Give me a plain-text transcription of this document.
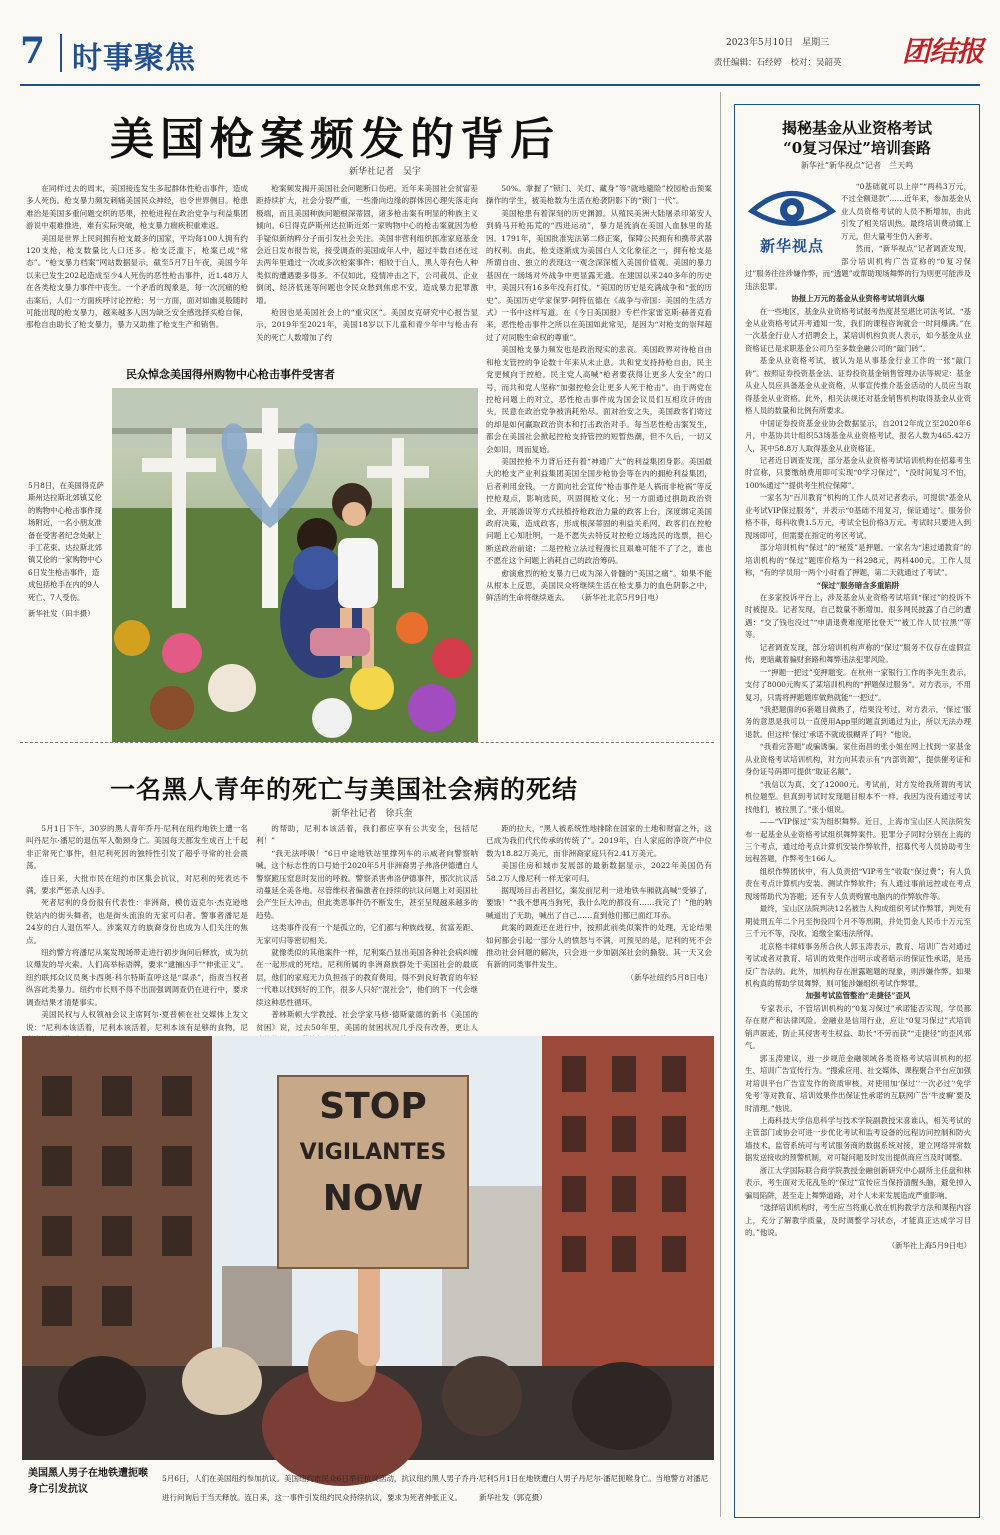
7 时事聚焦	2023年5月10日　星期三
责任编辑：石经婷　校对：吴韶英 团结报
美国枪案频发的背后
新华社记者　吴宇

在同样过去的周末，美国接连发生多起群体性枪击事件，造成多人死伤。枪支暴力频发刺痛美国民众神经，也令世界侧目。枪患难治是美国多重问题交织的恶果，控枪进程在政治党争与利益集团游说中艰难推进，难有实际突破，枪支暴力痼疾积重难返。

美国是世界上民间拥有枪支最多的国家，平均每100人拥有约120支枪，枪支数量比人口还多。枪支泛滥下，枪案已成“常态”。“枪支暴力档案”网站数据显示，截至5月7日午夜，美国今年以来已发生202起造成至少4人死伤的恶性枪击事件，近1.48万人在各类枪支暴力事件中丧生。一个矛盾的现象是，每一次沉痛的枪击案后，人们一方面疾呼讨论控枪；另一方面，面对如幽灵般随时可能出现的枪支暴力，越来越多人因为缺乏安全感选择买枪自保，那枪自由助长了枪支暴力，暴力又助推了枪支生产和销售。

枪案频发揭开美国社会问题断口伤疤。近年来美国社会贫富差距持续扩大，社会分裂严重，一些滑向边缘的群体因心理失落走向极端，而且美国种族问题根深蒂固，诸多枪击案有明显的种族主义倾向。6日得克萨斯州达拉斯近郊一家购物中心的枪击案就因为枪手疑似新纳粹分子而引发社会关注。美国非营利组织抓准家庭基金会近日发布报告说，接受调查的美国成年人中，超过半数自述在过去两年里通过一次或多次枪案事件；相较于白人，黑人等有色人种类似的遭遇要多得多。不仅如此，疫情冲击之下，公司裁员、企业倒闭、经济低迷等问题也令民众愁到焦虑不安，造成暴力犯罪激增。

枪因也是美国社会上的“重灾区”。美国皮克研究中心报告显示，2019年至2021年，美国18岁以下儿童和青少年中与枪击有关的死亡人数增加了约

50%。掌握了“锁门、关灯、藏身”等“就地避险”校园枪击预案操作的学生，被美枪数为生活在枪袭阴影下的“锁门一代”。

美国枪患有着深刻的历史渊源。从殖民美洲大陆屠杀印第安人到骑马开枪拓荒的“西进运动”，暴力是流淌在美国人血脉里的基因。1791年，美国批准宪法第二修正案，保障公民拥有和携带武器的权利。由此，枪支逐渐成为美国白人文化象征之一，拥有枪支是所谓自由、独立的表现这一观念深深植入美国价值观。美国的暴力基因在一场场对外战争中更显露无遗。在建国以来240多年的历史中，美国只有16多年没有打仗。“美国的历史是充满战争和“张的历史”。美国历史学家保罗·阿特伍德在《战争与帝国：美国的生活方式》一书中这样写道。在《今日美国报》专栏作家雷克斯·赫普克看来，恶性枪击事件之所以在美国如此常见，是因为“对枪支的崇拜超过了对同胞生命权的尊重”。

美国枪支暴力频发也是政治现实的悲哀。美国政界对待枪自由和枪支管控的争论数十年来从未止息。共和党支持持枪自由，民主党更倾向于控枪。民主党人高喊“枪者要获得让更多人安全”的口号，而共和党人坚称“加强控枪会让更多人死于枪击”。由于两党在控枪问题上的对立，恶性枪击事件成为国会议员们互相攻讦的由头，民意在政治党争被消耗殆尽。面对治安之失，美国政客们寄过的却是如何赢取政治资本和打击政治对手。每当恶性枪击案发生，都会在美国社会掀起控枪支持管控的短暂热潮，但不久后，一切又会如旧，周而复始。

美国控枪不力背后还有着“神通广大”的利益集团身影。美国最大的枪支产业利益集团美国全国步枪协会等在内的拥枪利益集团，后者利用金钱，一方面向社会宣传“枪击事件是人祸而非枪祸”等反控枪观点，影响选民，巩固拥枪文化；另一方面通过捐助政治资金、开展游说等方式扶植持枪政治力量的政客上台，深度绑定美国政府决策，造成政客，形成根深蒂固的利益关系网。政客们在控枪问题上心知肚明，一是不愿失去特反对控枪立场选民的选票，担心断送政治前途；二是控枪立法过程漫长且艰难可能不了了之，谁也不愿在这个问题上消耗自己的政治筹码。

愈演愈烈的枪支暴力已成为深入骨髓的“美国之痛”。如果不能从根本上反思，美国民众将继续生活在枪支暴力的血色阴影之中，鲜活的生命将继续逝去。　　（新华社北京5月9日电）

民众悼念美国得州购物中心枪击事件受害者
5月8日，在美国得克萨斯州达拉斯北郊镇艾伦的购物中心枪击事件现场附近，一名小朋友准备在受害者纪念处献上手工花束。达拉斯北郊镇艾伦的一家购物中心6日发生枪击事件，造成包括枪手在内的9人死亡、7人受伤。
新华社发（田丰摄）
一名黑人青年的死亡与美国社会病的死结
新华社记者　徐兵奎

5月1日下午，30岁的黑人青年乔丹·尼利在纽约地铁上遭一名叫丹尼尔·潘尼的退伍军人勒颈身亡。美国每天都发生成百上千起非正常死亡事件，但尼利死因的独特性引发了超乎寻常的社会震荡。

连日来，大批市民在纽约市区集会抗议，对尼利的死表达不满，要求严惩杀人凶手。

死者尼利的身份很有代表性：非洲裔，模仿迈克尔·杰克逊地铁站内的街头舞者，也是街头流浪的无家可归者。警事者潘尼是24岁的白人退伍军人。涉案双方的族裔身份也成为人们关注的焦点。

纽约警方将潘尼从案发现场带走进行初步询问后释放，成为抗议爆发的导火索。人们高举标语牌，要求“逮捕凶手”“伸张正义”。纽约联邦众议员奥卡西奥-科尔特斯直呼这是“谋杀”，指责当权者纵容此类暴力。纽约市长则不得不出面强调调查仍在进行中，要求调查结果才清楚事实。

美国民权与人权领袖会议主席阿尔·夏普顿在社交媒体上发文说：“尼利本该活着，尼利本该活着，尼利本该有足够的食物，尼

的帮助，尼利本该活着，我们都应享有公共安全，包括尼利！”

“我无法呼吸！”6日中途地铁站里撑列车的示威者向警察呐喊。这个标志性的口号始于2020年5月非洲裔男子弗洛伊德遭白人警察跪压窒息时发出的呼救。警察杀害弗洛伊德事件，那次抗议活动蔓延全美各地。尽管维权者偏激者在持续的抗议问题上对美国社会产生巨大冲击，但此类恶事件仍不断发生，甚至呈现越来越多的趋势。

这类事件没有一个是孤立的，它们都与种族歧视、贫富差距、无家可归等密切相关。

就像类似的其他案件一样，尼利案凸显出美国各种社会病纠缠在一起形成的死结。尼利所属的非洲裔族群处于美国社会的最底层，他们的家庭无力负担孩子的教育费用，得不到良好教育的年轻一代难以找到好的工作，很多人只好“混社会”，他们的下一代会继续这种恶性循环。

普林斯顿大学教授、社会学家马修·德斯蒙德的新书《美国的贫困》说，过去50年里，美国的贫困状况几乎没有改善，更让人

距的拉大，“黑人被系统性地排除在国家的土地和财富之外，这已成为我们代代传承的传统了”。2019年，白人家庭的净资产中位数为18.82万美元，而非洲裔家庭只有2.41万美元。

美国住房和城市发展部的最新数据显示，2022年美国仍有58.2万人像尼利一样无家可归。

据现场目击者回忆，案发前尼利一进地铁车厢就高喊“受够了，要饿！”“我不想再当狗死，我什么吃的都没有……我完了！”他的呐喊道出了无助，喊出了自己……直到他们都已面红耳赤。

此案的调查还在进行中，按照此前类似案件的处理，无论结果如何都会引起一部分人的愤怒与不满，可预见的是，尼利的死不会推动社会问题的解决，只会进一步加剧深社会的撕裂。其一天又会有新的同类事件发生。

（新华社纽约5月8日电）

STOP
VIGILANTES
NOW
美国黑人男子在地铁遭扼喉身亡引发抗议
5月6日，人们在美国纽约参加抗议。美国纽约市民众6日举行抗议活动，抗议纽约黑人男子乔丹·尼利5月1日在地铁遭白人男子丹尼尔·潘尼扼喉身亡。当地警方对潘尼进行问询后于当天释放。连日来，这一事件引发纽约民众持续抗议，要求为死者伸张正义。 新华社发（郭克摄）
揭秘基金从业资格考试
“0复习保过”培训套路
新华社“新华视点”记者　兰天鸣
新华视点

“0基础就可以上岸”“两科3万元，不过全额退款”……近年来，参加基金从业人员资格考试的人员不断增加，由此引发了相关培训热。最终培训费动辄上万元，但大量考生仍入套考。

然而，“新华视点”记者调查发现，部分培训机构广告宣称的“0复习保过”服务往往涉嫌作弊，而“透题”或帮助现场舞弊的行为则更可能涉及违法犯罪。

协报上万元的基金从业资格考试培训火爆

在一些地区，基金从业资格考试报考热度甚至堪比司法考试。“基金从业资格考试开考通知一发，我们的课程咨询就会一时间爆满。”在一次基金行业人才招聘会上，某培训机构负责人表示，如今基金从业资格证已是求职基金公司乃至多数金融公司的“敲门砖”。

基金从业资格考试，被认为是从事基金行业工作的一张“敲门砖”。按照证券投资基金法、证券投资基金销售管理办法等规定：基金从业人员应具备基金从业资格，从事宣传推介基金活动的人员应当取得基金从业资格。此外，相关法规还对基金销售机构取得基金从业资格人员的数量和比例有所要求。

中国证券投资基金业协会数据显示，自2012年成立至2020年6月，中基协共计组织53场基金从业资格考试，报名人数为465.42万人，其中58.8万人取得基金从业资格证。

记者近日调查发现，部分基金从业资格考试培训机构在招募考生时宣称，只要缴纳费用即可实现“0学习保过”，“没时间复习不怕，100%通过”“提供考生机位保障”。

一家名为“百川教育”机构的工作人员对记者表示，可提供“基金从业考试VIP保过服务”，并表示“0基础不用复习，保证通过”。服务价格不菲，每科收费1.5万元，考试全包价格3万元。考试时只要进入到现场即可，但需要在指定的考区考试。

部分培训机构“保过”的“秘笈”是押题。一家名为“速过通教育”的培训机构的“保过”题库价格为一科298元，两科400元。工作人员称，“有的学员用一两个小时看了押题，第二天就通过了考试”。

“保过”服务暗含多重陷阱

在多家投诉平台上，涉及基金从业资格考试培训“保过”的投诉不时被提及。记者发现，自己数量不断增加。很多网民披露了自己的遭遇：“交了钱也没过”“申请退费难度堪比登天”“被工作人员‘拉黑’”等等。

记者调查发现，部分培训机构声称的“保过”服务不仅存在虚假宣传，更暗藏着骗财套路和舞弊违法犯罪风险。

一“押题一把过”变押题变。在杭州一家银行工作的李先生表示，支付了8000元购买了某培训机构的“押题保过服务”。对方表示，不用复习，只需将押题题库做熟就能“一把过”。

“我把题面的6套题目做熟了，结果没考过。对方表示，‘保过’服务的意思是我可以一直使用App里的题直到通过为止，所以无法办理退款。但这样‘保过’承诺不就成很糊弄了吗？”他说。

“我看完答题”或骗诱骗。家住南昌的张小姐在网上找到一家基金从业资格考试培训机构，对方向其表示有“内部资源”，提供催考证和身份证号码即可提供“取证名额”。

“我信以为真，交了12000元。考试前，对方发给我所谓的考试机位题型。但真到考试时发现题目根本不一样。我因为没有通过考试找他们，被拉黑了。”张小姐说。

——“VIP保过”实为组织舞弊。近日，上海市宝山区人民法院发布一起基金从业资格考试组织舞弊案件。犯罪分子同时分别在上海的三个考点，通过给考点计算机安装作弊软件，招募代考人员协助考生远程答题，作弊考生166人。

组织作弊团伙中，有人负责招“VIP考生”收取“保过费”；有人负责在考点计算机内安装、测试作弊软件；有人通过事前远控或在考点现场帮助代为答题；还有专人负责购置电脑内的作弊软件等。

最终，宝山区法院判决12名被告人构成组织考试作弊罪，判处有期徒刑五年二个月至拘役四个月不等刑期，并处罚金人民币十万元至三千元不等，没收、追缴全案违法所得。

北京格丰律师事务所合伙人郭玉涛表示，教育、培训广告对通过考试或者对教育、培训的效果作出明示或者暗示的保证性承诺，是违反广告法的。此外，加机构存在泄露题题的现象，则涉嫌作弊。如果机构真的帮助学员舞弊，则可能涉嫌组织考试作弊罪。

加强考试监管整治“走捷径”歪风

专家表示，不管培训机构的“0复习保过”承诺能否实现，学员都存在财产和法律风险。金融业是信用行业，应让“0复习保过”式培训销声匿迹，防止其侵害考生权益、助长“不劳而获”“走捷径”的歪风邪气。

郭玉涛建议，进一步规范金融领域各类资格考试培训机构的招生、培训广告宣传行为。“搜索应用、社交媒体、课程聚合平台应加强对培训平台广告宣发作的资质审核。对使用加‘保过’‘一次必过’‘免学免考’等对教育、培训效果作出保证性承诺的互联网广告‘牛皮癣’要及时清理。”他说。

上海科技大学信息科学与技术学院副教授宋喜谁认，相关考试的主管部门或协会可进一步优化考试和监考设备的远程访问控制和防火墙技术。监管系统可与考试服务商的数据系统对接，建立网络异常数据发送接收的预警机制，对可疑问题及时发出提供商应当及时调整。

浙江大学国际联合商学院教授金融创新研究中心副所主任盘和林表示，考生面对天花乱坠的“保过”宣传应当保持清醒头脑，避免掉入骗局陷阱，甚至走上舞弊道路，对个人未来发展造成严重影响。

“选择培训机构时，考生应当将重心放在机构教学方法和课程内容上，充分了解教学质量，及时调整学习状态，才能真正达成学习目的。”他说。

（新华社上海5月9日电）
